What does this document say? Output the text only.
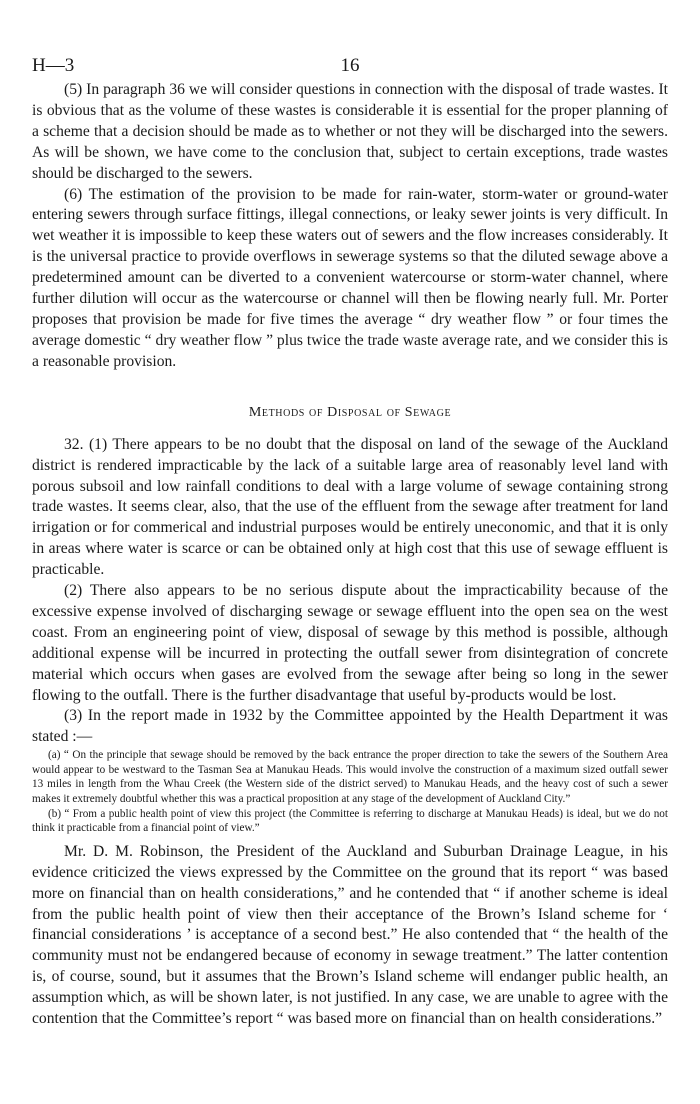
H—3	16

(5) In paragraph 36 we will consider questions in connection with the disposal of trade wastes. It is obvious that as the volume of these wastes is considerable it is essential for the proper planning of a scheme that a decision should be made as to whether or not they will be discharged into the sewers. As will be shown, we have come to the conclusion that, subject to certain exceptions, trade wastes should be discharged to the sewers.

(6) The estimation of the provision to be made for rain-water, storm-water or ground-water entering sewers through surface fittings, illegal connections, or leaky sewer joints is very difficult. In wet weather it is impossible to keep these waters out of sewers and the flow increases considerably. It is the universal practice to provide overflows in sewerage systems so that the diluted sewage above a predetermined amount can be diverted to a convenient watercourse or storm-water channel, where further dilution will occur as the watercourse or channel will then be flowing nearly full. Mr. Porter proposes that provision be made for five times the average “ dry weather flow ” or four times the average domestic “ dry weather flow ” plus twice the trade waste average rate, and we consider this is a reasonable provision.

Methods of Disposal of Sewage

32. (1) There appears to be no doubt that the disposal on land of the sewage of the Auckland district is rendered impracticable by the lack of a suitable large area of reasonably level land with porous subsoil and low rainfall conditions to deal with a large volume of sewage containing strong trade wastes. It seems clear, also, that the use of the effluent from the sewage after treatment for land irrigation or for commerical and industrial purposes would be entirely uneconomic, and that it is only in areas where water is scarce or can be obtained only at high cost that this use of sewage effluent is practicable.

(2) There also appears to be no serious dispute about the impracticability because of the excessive expense involved of discharging sewage or sewage effluent into the open sea on the west coast. From an engineering point of view, disposal of sewage by this method is possible, although additional expense will be incurred in protecting the outfall sewer from disintegration of concrete material which occurs when gases are evolved from the sewage after being so long in the sewer flowing to the outfall. There is the further disadvantage that useful by-products would be lost.

(3) In the report made in 1932 by the Committee appointed by the Health Department it was stated :—

(a) “ On the principle that sewage should be removed by the back entrance the proper direction to take the sewers of the Southern Area would appear to be westward to the Tasman Sea at Manukau Heads. This would involve the construction of a maximum sized outfall sewer 13 miles in length from the Whau Creek (the Western side of the district served) to Manukau Heads, and the heavy cost of such a sewer makes it extremely doubtful whether this was a practical proposition at any stage of the development of Auckland City.”

(b) “ From a public health point of view this project (the Committee is referring to discharge at Manukau Heads) is ideal, but we do not think it practicable from a financial point of view.”

Mr. D. M. Robinson, the President of the Auckland and Suburban Drainage League, in his evidence criticized the views expressed by the Committee on the ground that its report “ was based more on financial than on health considerations,” and he contended that “ if another scheme is ideal from the public health point of view then their acceptance of the Brown’s Island scheme for ‘ financial considerations ’ is acceptance of a second best.” He also contended that “ the health of the community must not be endangered because of economy in sewage treatment.” The latter contention is, of course, sound, but it assumes that the Brown’s Island scheme will endanger public health, an assumption which, as will be shown later, is not justified. In any case, we are unable to agree with the contention that the Committee’s report “ was based more on financial than on health considerations.”
